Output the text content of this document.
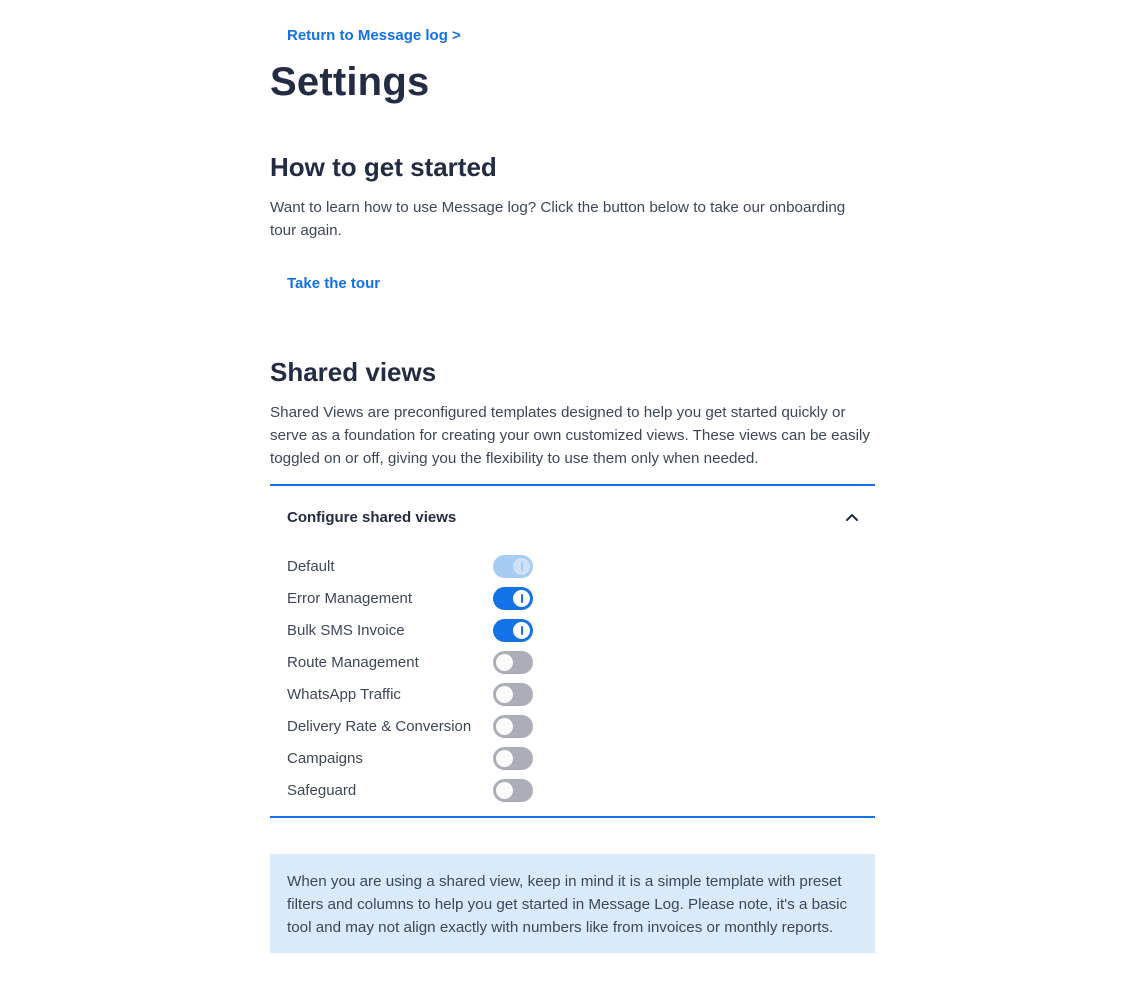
Return to Message log >
Settings
How to get started

Want to learn how to use Message log? Click the button below to take our onboarding tour again.

Take the tour
Shared views

Shared Views are preconfigured templates designed to help you get started quickly or serve as a foundation for creating your own customized views. These views can be easily toggled on or off, giving you the flexibility to use them only when needed.

Configure shared views
Default
Error Management
Bulk SMS Invoice
Route Management
WhatsApp Traffic
Delivery Rate & Conversion
Campaigns
Safeguard

When you are using a shared view, keep in mind it is a simple template with preset filters and columns to help you get started in Message Log. Please note, it's a basic tool and may not align exactly with numbers like from invoices or monthly reports.
